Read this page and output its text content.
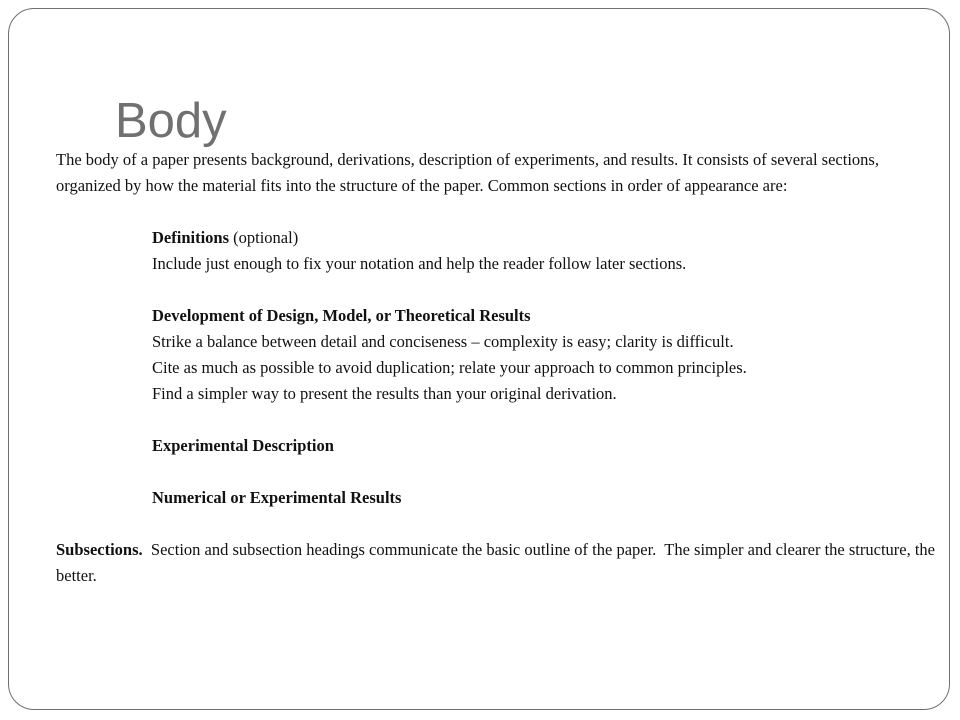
Body

The body of a paper presents background, derivations, description of experiments, and results. It consists of several sections, organized by how the material fits into the structure of the paper. Common sections in order of appearance are:

Definitions (optional)

Include just enough to fix your notation and help the reader follow later sections.

Development of Design, Model, or Theoretical Results

Strike a balance between detail and conciseness – complexity is easy; clarity is difficult.

Cite as much as possible to avoid duplication; relate your approach to common principles.

Find a simpler way to present the results than your original derivation.

Experimental Description

Numerical or Experimental Results

Subsections.  Section and subsection headings communicate the basic outline of the paper.  The simpler and clearer the structure, the better.
